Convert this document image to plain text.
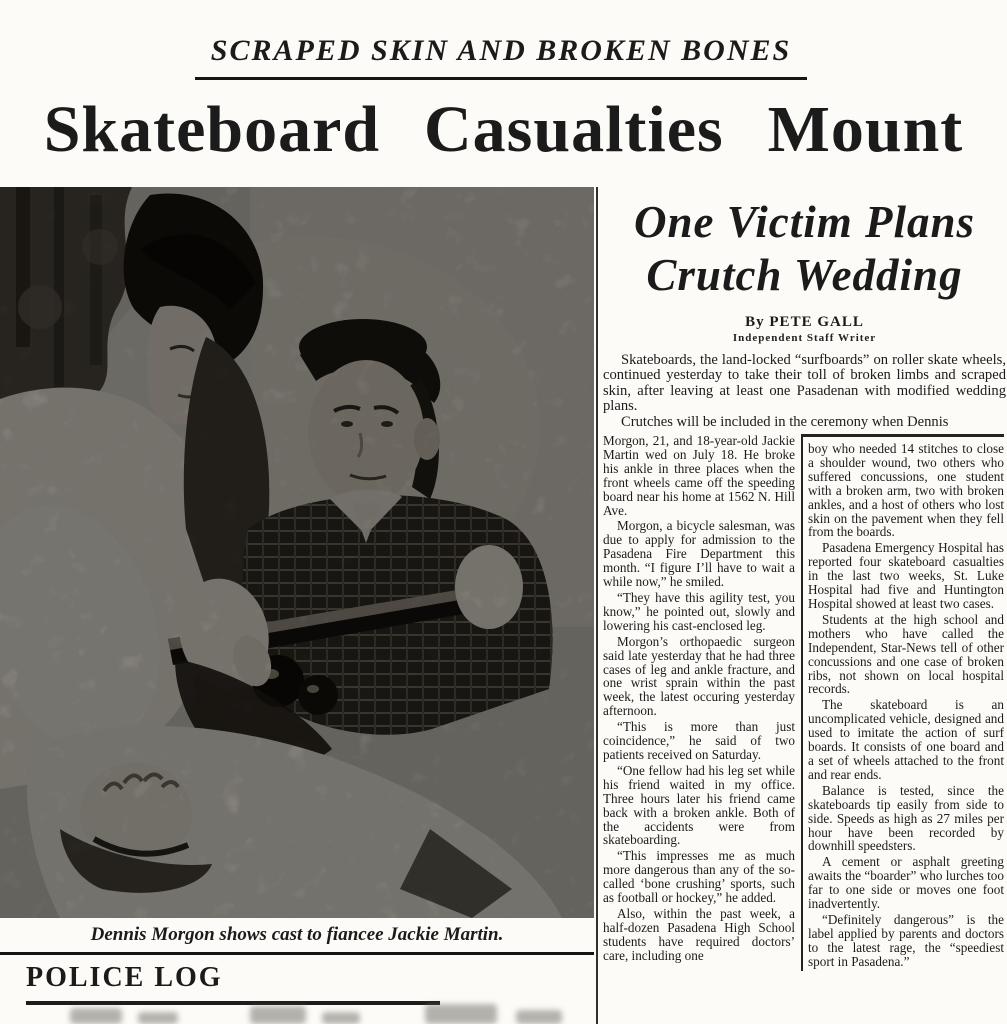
SCRAPED SKIN AND BROKEN BONES
Skateboard Casualties Mount
Dennis Morgon shows cast to fiancee Jackie Martin.
POLICE LOG
One Victim Plans
Crutch Wedding
By PETE GALL
Independent Staff Writer

Skateboards, the land-locked “surfboards” on roller skate wheels, continued yesterday to take their toll of broken limbs and scraped skin, after leaving at least one Pasadenan with modified wedding plans.

Crutches will be included in the ceremony when Dennis

Morgon, 21, and 18-year-old Jackie Martin wed on July 18. He broke his ankle in three places when the front wheels came off the speeding board near his home at 1562 N. Hill Ave.

Morgon, a bicycle salesman, was due to apply for admission to the Pasadena Fire Department this month. “I figure I’ll have to wait a while now,” he smiled.

“They have this agility test, you know,” he pointed out, slowly and lowering his cast-enclosed leg.

Morgon’s orthopaedic surgeon said late yesterday that he had three cases of leg and ankle fracture, and one wrist sprain within the past week, the latest occuring yesterday afternoon.

“This is more than just coincidence,” he said of two patients received on Saturday.

“One fellow had his leg set while his friend waited in my office. Three hours later his friend came back with a broken ankle. Both of the accidents were from skateboarding.

“This impresses me as much more dangerous than any of the so-called ‘bone crushing’ sports, such as football or hockey,” he added.

Also, within the past week, a half-dozen Pasadena High School students have required doctors’ care, including one

boy who needed 14 stitches to close a shoulder wound, two others who suffered concussions, one student with a broken arm, two with broken ankles, and a host of others who lost skin on the pavement when they fell from the boards.

Pasadena Emergency Hospital has reported four skateboard casualties in the last two weeks, St. Luke Hospital had five and Huntington Hospital showed at least two cases.

Students at the high school and mothers who have called the Independent, Star-News tell of other concussions and one case of broken ribs, not shown on local hospital records.

The skateboard is an uncomplicated vehicle, designed and used to imitate the action of surf boards. It consists of one board and a set of wheels attached to the front and rear ends.

Balance is tested, since the skateboards tip easily from side to side. Speeds as high as 27 miles per hour have been recorded by downhill speedsters.

A cement or asphalt greeting awaits the “boarder” who lurches too far to one side or moves one foot inadvertently.

“Definitely dangerous” is the label applied by parents and doctors to the latest rage, the “speediest sport in Pasadena.”
